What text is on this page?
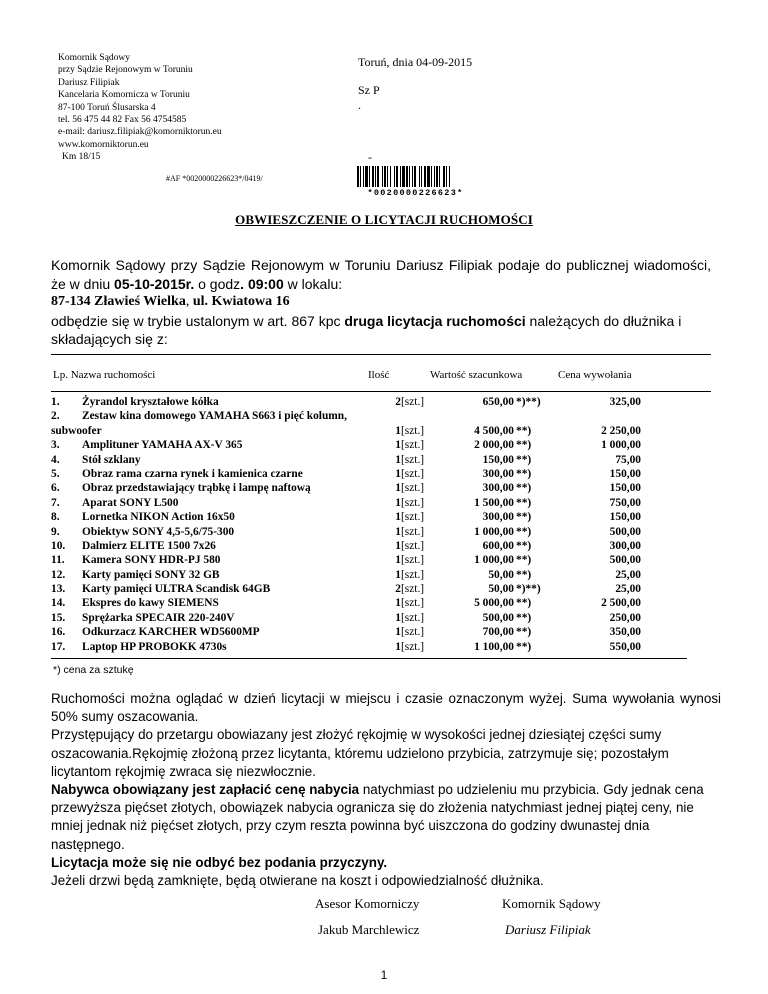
Komornik Sądowy
przy Sądzie Rejonowym w Toruniu
Dariusz Filipiak
Kancelaria Komornicza w Toruniu
87-100 Toruń Ślusarska 4
tel. 56 475 44 82 Fax 56 4754585
e-mail: dariusz.filipiak@komorniktorun.eu
www.komorniktorun.eu
Km 18/15
Toruń, dnia 04-09-2015
Sz P
.
-
#AF *0020000226623*/0419/
*0020000226623*
OBWIESZCZENIE O LICYTACJI RUCHOMOŚCI
Komornik Sądowy przy Sądzie Rejonowym w Toruniu Dariusz Filipiak podaje do publicznej wiadomości, że w dniu 05-10-2015r. o godz. 09:00 w lokalu:
87-134 Zławieś Wielka, ul. Kwiatowa 16
odbędzie się w trybie ustalonym w art. 867 kpc druga licytacja ruchomości należących do dłużnika i składających się z:
Lp. Nazwa ruchomości	Ilość	Wartość szacunkowa	Cena wywołania
1. Żyrandol kryształowe kółka	2 [szt.]	650,00 *)**)	325,00
2. Zestaw kina domowego YAMAHA S663 i pięć kolumn,
subwoofer	1 [szt.]	4 500,00 **)	2 250,00
3. Amplituner YAMAHA AX-V 365	1 [szt.]	2 000,00 **)	1 000,00
4. Stół szklany	1 [szt.]	150,00 **)	75,00
5. Obraz rama czarna rynek i kamienica czarne	1 [szt.]	300,00 **)	150,00
6. Obraz przedstawiający trąbkę i lampę naftową	1 [szt.]	300,00 **)	150,00
7. Aparat SONY L500	1 [szt.]	1 500,00 **)	750,00
8. Lornetka NIKON Action 16x50	1 [szt.]	300,00 **)	150,00
9. Obiektyw SONY 4,5-5,6/75-300	1 [szt.]	1 000,00 **)	500,00
10. Dalmierz ELITE 1500 7x26	1 [szt.]	600,00 **)	300,00
11. Kamera SONY HDR-PJ 580	1 [szt.]	1 000,00 **)	500,00
12. Karty pamięci SONY 32 GB	1 [szt.]	50,00 **)	25,00
13. Karty pamięci ULTRA Scandisk 64GB	2 [szt.]	50,00 *)**)	25,00
14. Ekspres do kawy SIEMENS	1 [szt.]	5 000,00 **)	2 500,00
15. Sprężarka SPECAIR 220-240V	1 [szt.]	500,00 **)	250,00
16. Odkurzacz KARCHER WD5600MP	1 [szt.]	700,00 **)	350,00
17. Laptop HP PROBOKK 4730s	1 [szt.]	1 100,00 **)	550,00
*) cena za sztukę

Ruchomości można oglądać w dzień licytacji w miejscu i czasie oznaczonym wyżej. Suma wywołania wynosi 50% sumy oszacowania.

Przystępujący do przetargu obowiazany jest złożyć rękojmię w wysokości jednej dziesiątej części sumy oszacowania.Rękojmię złożoną przez licytanta, któremu udzielono przybicia, zatrzymuje się; pozostałym licytantom rękojmię zwraca się niezwłocznie.

Nabywca obowiązany jest zapłacić cenę nabycia natychmiast po udzieleniu mu przybicia. Gdy jednak cena przewyższa pięćset złotych, obowiązek nabycia ogranicza się do złożenia natychmiast jednej piątej ceny, nie mniej jednak niż pięćset złotych, przy czym reszta powinna być uiszczona do godziny dwunastej dnia następnego.

Licytacja może się nie odbyć bez podania przyczyny.

Jeżeli drzwi będą zamknięte, będą otwierane na koszt i odpowiedzialność dłużnika.

Asesor Komorniczy
Jakub Marchlewicz
Komornik Sądowy
Dariusz Filipiak
1
